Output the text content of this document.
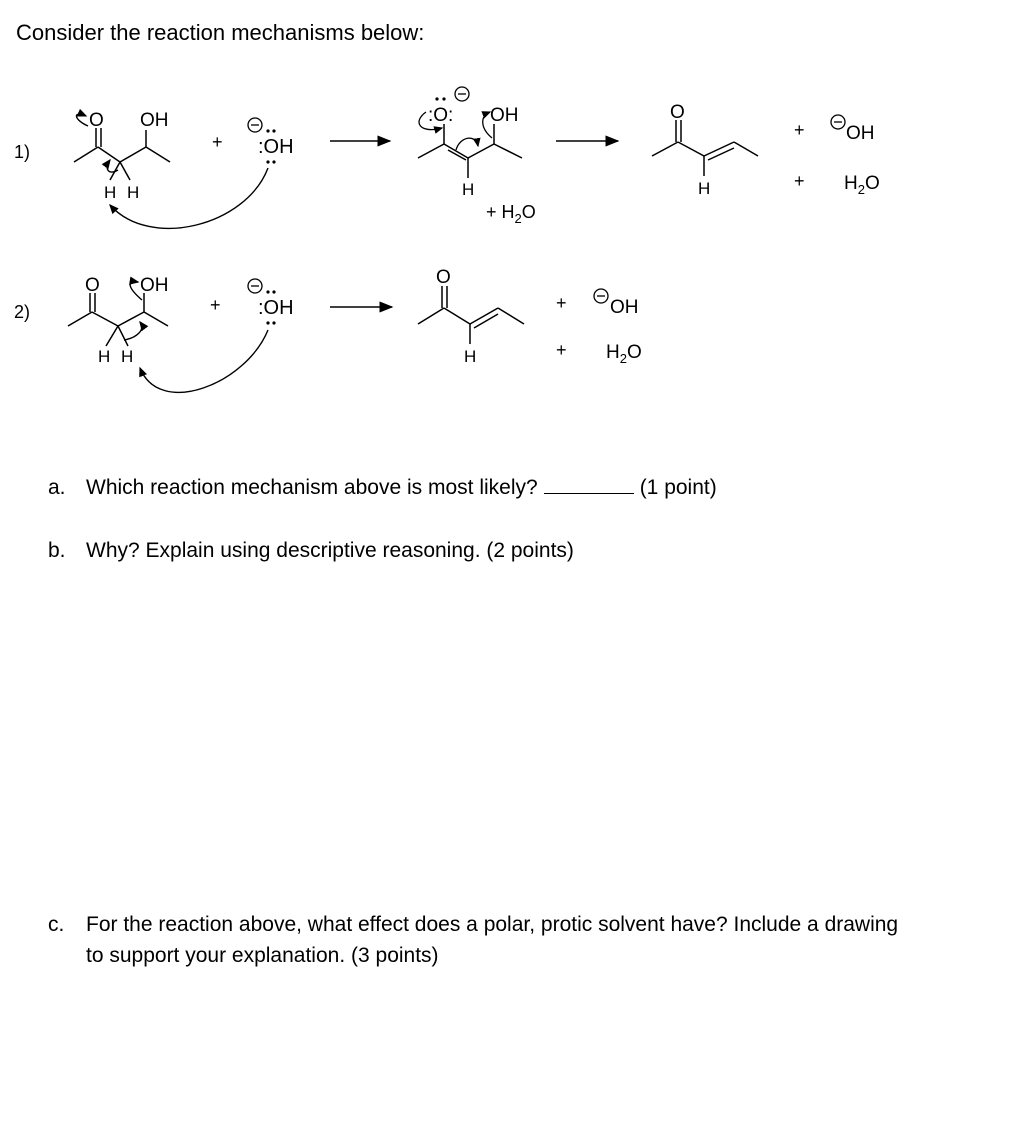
Consider the reaction mechanisms below:
1)
O OH
H H
+ :OH
:O: OH
H
+ $H_2O$
O
H
+ OH
+ $H_2O$
2)
O OH
H H
+ :OH
O
H
+ OH
+ $H_2O$
a. Which reaction mechanism above is most likely?	(1 point)
b. Why? Explain using descriptive reasoning. (2 points)
c. For the reaction above, what effect does a polar, protic solvent have? Include a drawing to support your explanation. (3 points)
